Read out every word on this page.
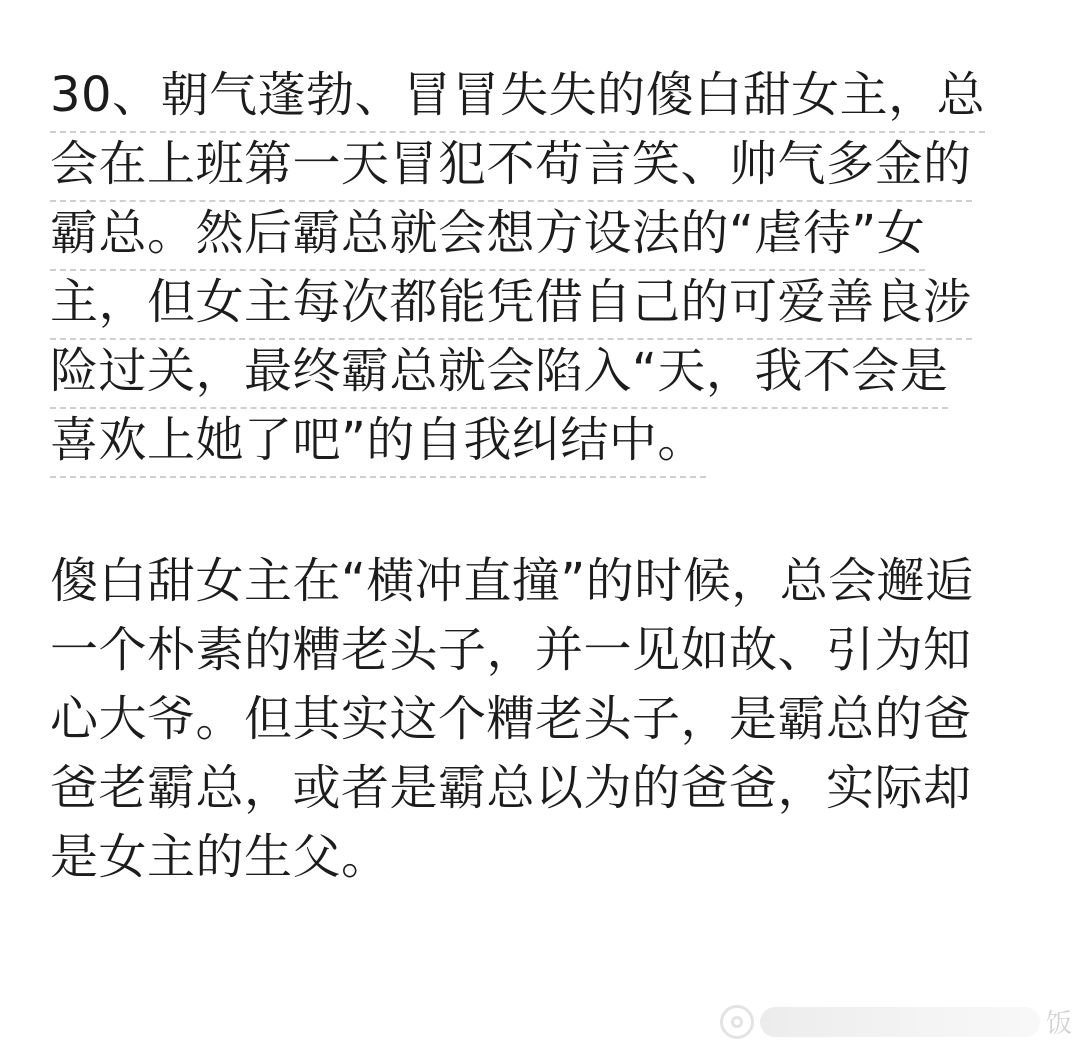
30、朝气蓬勃、冒冒失失的傻白甜女主，总
会在上班第一天冒犯不苟言笑、帅气多金的
霸总。然后霸总就会想方设法的“虐待”女
主，但女主每次都能凭借自己的可爱善良涉
险过关，最终霸总就会陷入“天，我不会是
喜欢上她了吧”的自我纠结中。
傻白甜女主在“横冲直撞”的时候，总会邂逅
一个朴素的糟老头子，并一见如故、引为知
心大爷。但其实这个糟老头子，是霸总的爸
爸老霸总，或者是霸总以为的爸爸，实际却
是女主的生父。
饭
